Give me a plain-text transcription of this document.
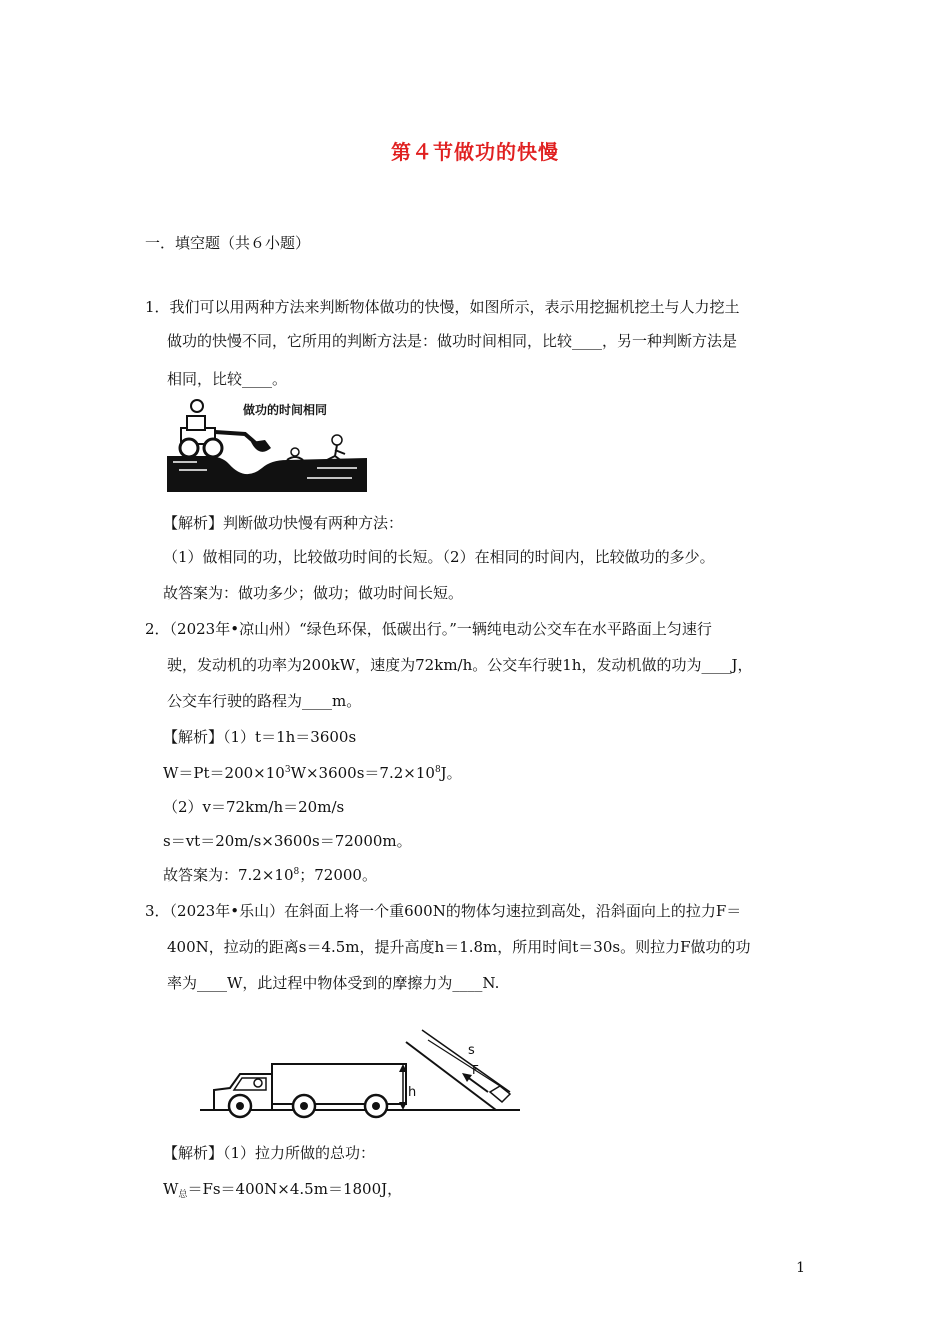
第４节做功的快慢
一．填空题（共６小题）
1．我们可以用两种方法来判断物体做功的快慢，如图所示，表示用挖掘机挖土与人力挖土
做功的快慢不同，它所用的判断方法是：做功时间相同，比较____，另一种判断方法是
相同，比较____。
做功的时间相同
【解析】判断做功快慢有两种方法：
（1）做相同的功，比较做功时间的长短。（2）在相同的时间内，比较做功的多少。
故答案为：做功多少；做功；做功时间长短。
2．（2023年•凉山州）“绿色环保，低碳出行。”一辆纯电动公交车在水平路面上匀速行
驶，发动机的功率为200kW，速度为72km/h。公交车行驶1h，发动机做的功为____J，
公交车行驶的路程为____m。
【解析】（1）t＝1h＝3600s
$W=Pt=200\times 10^3W\times 3600s=7.2\times 10^8J$。
（2）v＝72km/h＝20m/s
s＝vt＝20m/s×3600s＝72000m。
故答案为：$7.2\times 10^8$；72000。
3．（2023年•乐山）在斜面上将一个重600N的物体匀速拉到高处，沿斜面向上的拉力F＝
400N，拉动的距离s＝4.5m，提升高度h＝1.8m，所用时间t＝30s。则拉力F做功的功
率为____W，此过程中物体受到的摩擦力为____N.
h
s
F
【解析】（1）拉力所做的总功：
$W_总=Fs=400N\times 4.5m=1800J$，
1
